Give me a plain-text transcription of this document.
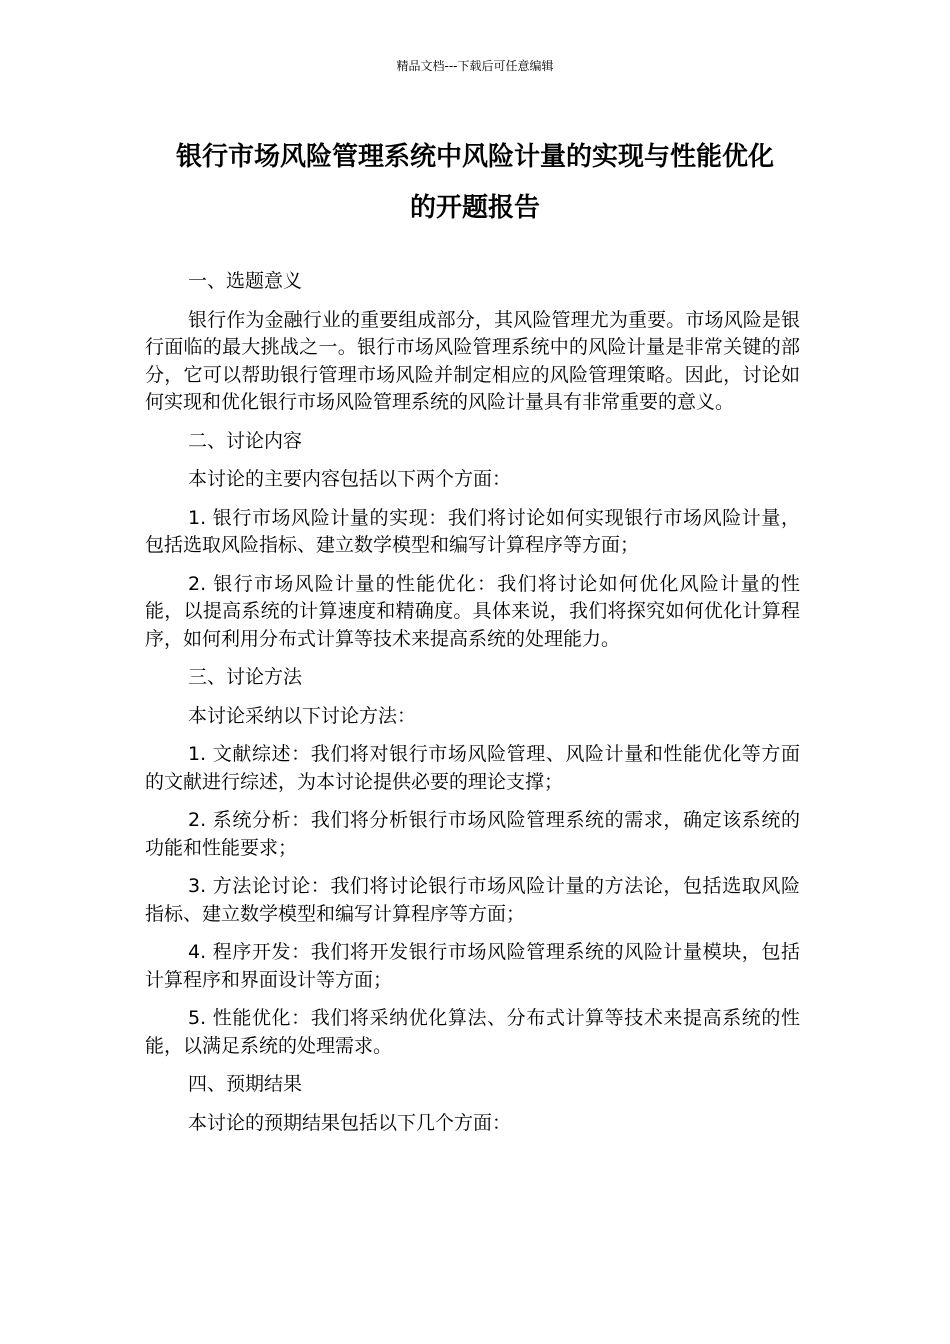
精品文档---下载后可任意编辑
银行市场风险管理系统中风险计量的实现与性能优化
的开题报告

一、选题意义

银行作为金融行业的重要组成部分，其风险管理尤为重要。市场风险是银行面临的最大挑战之一。银行市场风险管理系统中的风险计量是非常关键的部分，它可以帮助银行管理市场风险并制定相应的风险管理策略。因此，讨论如何实现和优化银行市场风险管理系统的风险计量具有非常重要的意义。

二、讨论内容

本讨论的主要内容包括以下两个方面：

1. 银行市场风险计量的实现：我们将讨论如何实现银行市场风险计量，包括选取风险指标、建立数学模型和编写计算程序等方面；

2. 银行市场风险计量的性能优化：我们将讨论如何优化风险计量的性能，以提高系统的计算速度和精确度。具体来说，我们将探究如何优化计算程序，如何利用分布式计算等技术来提高系统的处理能力。

三、讨论方法

本讨论采纳以下讨论方法：

1. 文献综述：我们将对银行市场风险管理、风险计量和性能优化等方面的文献进行综述，为本讨论提供必要的理论支撑；

2. 系统分析：我们将分析银行市场风险管理系统的需求，确定该系统的功能和性能要求；

3. 方法论讨论：我们将讨论银行市场风险计量的方法论，包括选取风险指标、建立数学模型和编写计算程序等方面；

4. 程序开发：我们将开发银行市场风险管理系统的风险计量模块，包括计算程序和界面设计等方面；

5. 性能优化：我们将采纳优化算法、分布式计算等技术来提高系统的性能，以满足系统的处理需求。

四、预期结果

本讨论的预期结果包括以下几个方面：
